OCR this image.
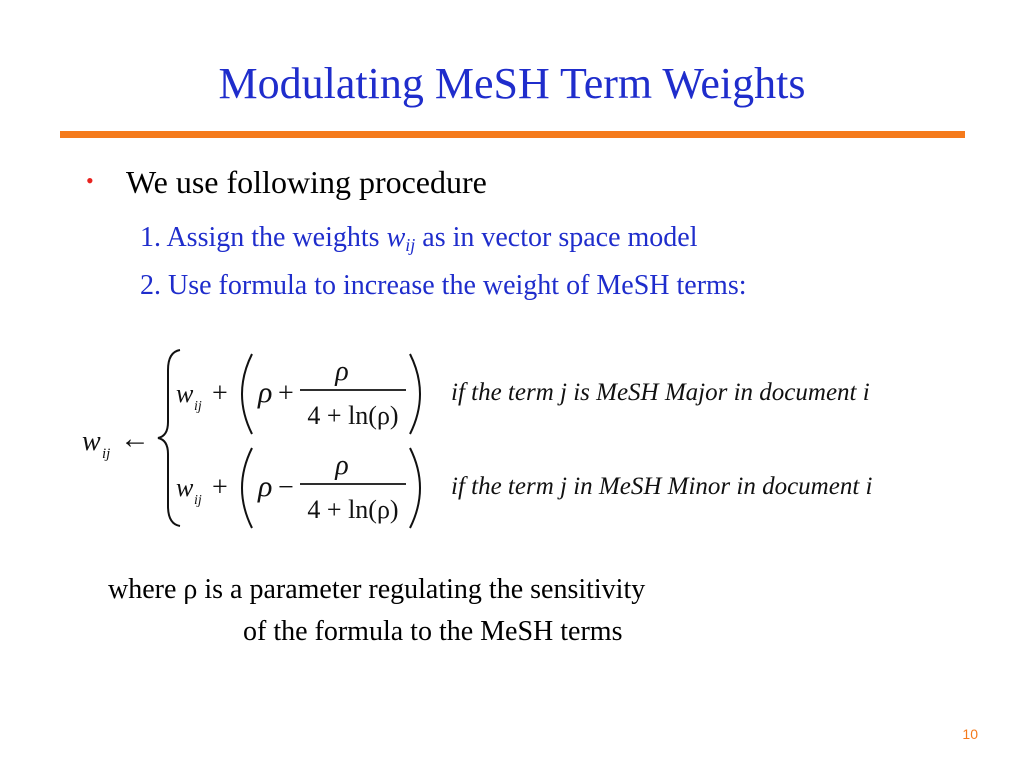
Modulating MeSH Term Weights
• We use following procedure
1. Assign the weights $w_{ij}$ as in vector space model
2. Use formula to increase the weight of MeSH terms:
w ij ←
w ij + ρ +
ρ
4 + ln(ρ)
if the term j is MeSH Major in document i
w ij + ρ −
ρ
4 + ln(ρ)
if the term j in MeSH Minor in document i
where ρ is a parameter regulating the sensitivity
of the formula to the MeSH terms
10
